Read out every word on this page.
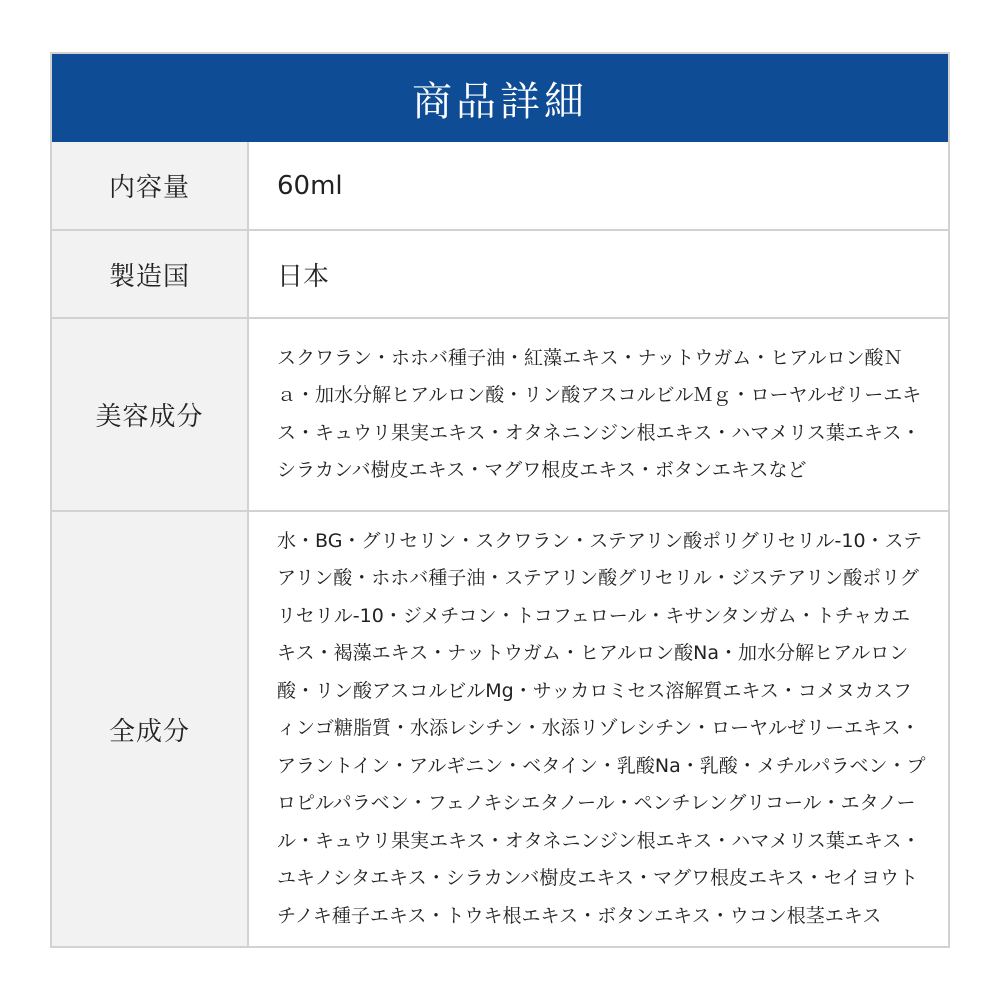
商品詳細
内容量	60ml
製造国	日本
美容成分
スクワラン・ホホバ種子油・紅藻エキス・ナットウガム・ヒアルロン酸Ｎａ・加水分解ヒアルロン酸・リン酸アスコルビルＭｇ・ローヤルゼリーエキス・キュウリ果実エキス・オタネニンジン根エキス・ハマメリス葉エキス・シラカンバ樹皮エキス・マグワ根皮エキス・ボタンエキスなど
全成分
水・BG・グリセリン・スクワラン・ステアリン酸ポリグリセリル-10・ステアリン酸・ホホバ種子油・ステアリン酸グリセリル・ジステアリン酸ポリグリセリル-10・ジメチコン・トコフェロール・キサンタンガム・トチャカエキス・褐藻エキス・ナットウガム・ヒアルロン酸Na・加水分解ヒアルロン酸・リン酸アスコルビルMg・サッカロミセス溶解質エキス・コメヌカスフィンゴ糖脂質・水添レシチン・水添リゾレシチン・ローヤルゼリーエキス・アラントイン・アルギニン・ベタイン・乳酸Na・乳酸・メチルパラベン・プロピルパラベン・フェノキシエタノール・ペンチレングリコール・エタノール・キュウリ果実エキス・オタネニンジン根エキス・ハマメリス葉エキス・ユキノシタエキス・シラカンバ樹皮エキス・マグワ根皮エキス・セイヨウトチノキ種子エキス・トウキ根エキス・ボタンエキス・ウコン根茎エキス
